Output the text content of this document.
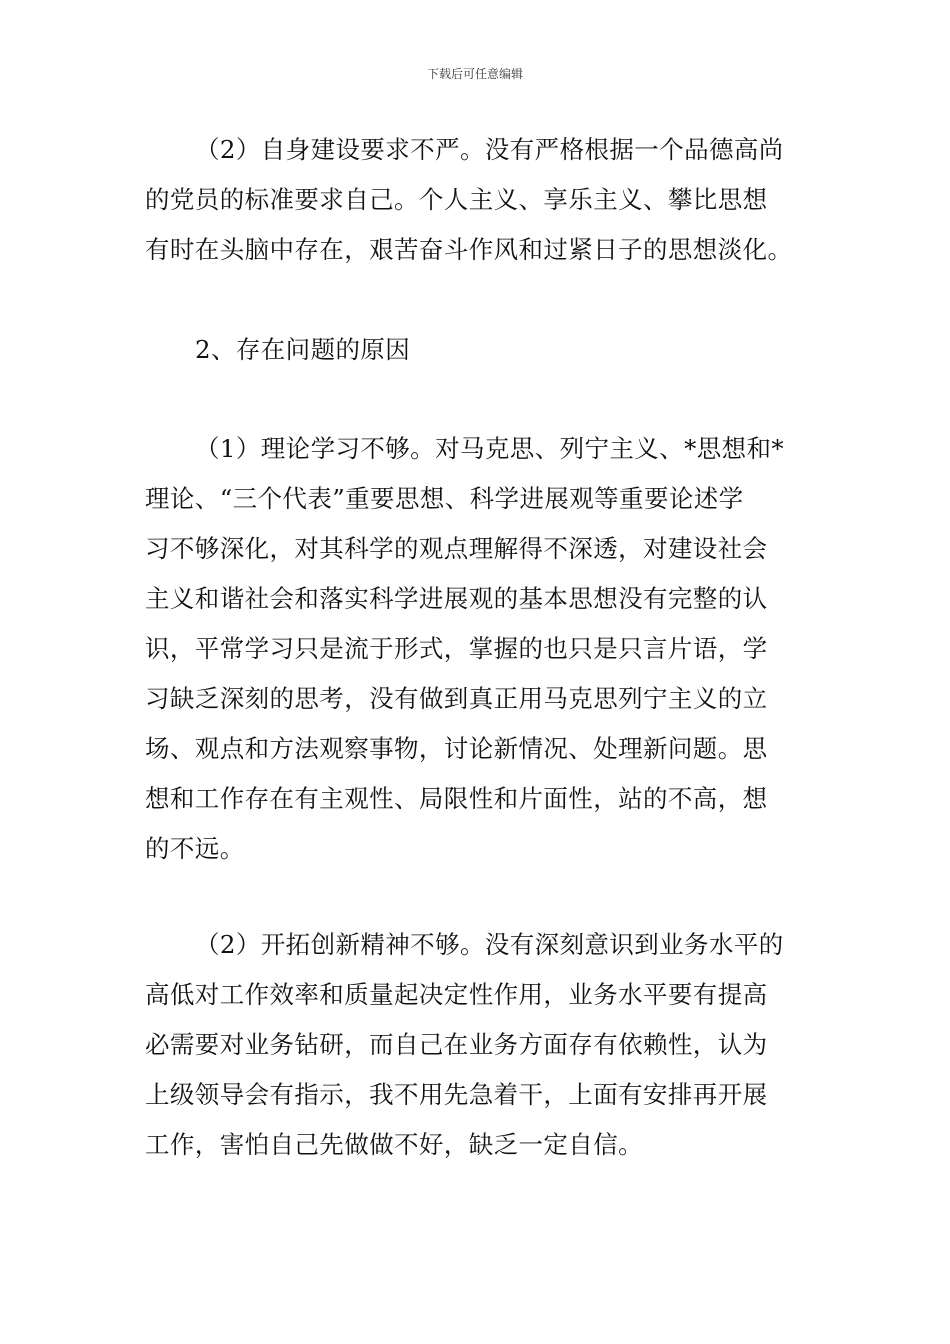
下载后可任意编辑
（2）自身建设要求不严。没有严格根据一个品德高尚
的党员的标准要求自己。个人主义、享乐主义、攀比思想
有时在头脑中存在，艰苦奋斗作风和过紧日子的思想淡化。
2、存在问题的原因
（1）理论学习不够。对马克思、列宁主义、*思想和*
理论、“三个代表”重要思想、科学进展观等重要论述学
习不够深化，对其科学的观点理解得不深透，对建设社会
主义和谐社会和落实科学进展观的基本思想没有完整的认
识，平常学习只是流于形式，掌握的也只是只言片语，学
习缺乏深刻的思考，没有做到真正用马克思列宁主义的立
场、观点和方法观察事物，讨论新情况、处理新问题。思
想和工作存在有主观性、局限性和片面性，站的不高，想
的不远。
（2）开拓创新精神不够。没有深刻意识到业务水平的
高低对工作效率和质量起决定性作用，业务水平要有提高
必需要对业务钻研，而自己在业务方面存有依赖性，认为
上级领导会有指示，我不用先急着干，上面有安排再开展
工作，害怕自己先做做不好，缺乏一定自信。
